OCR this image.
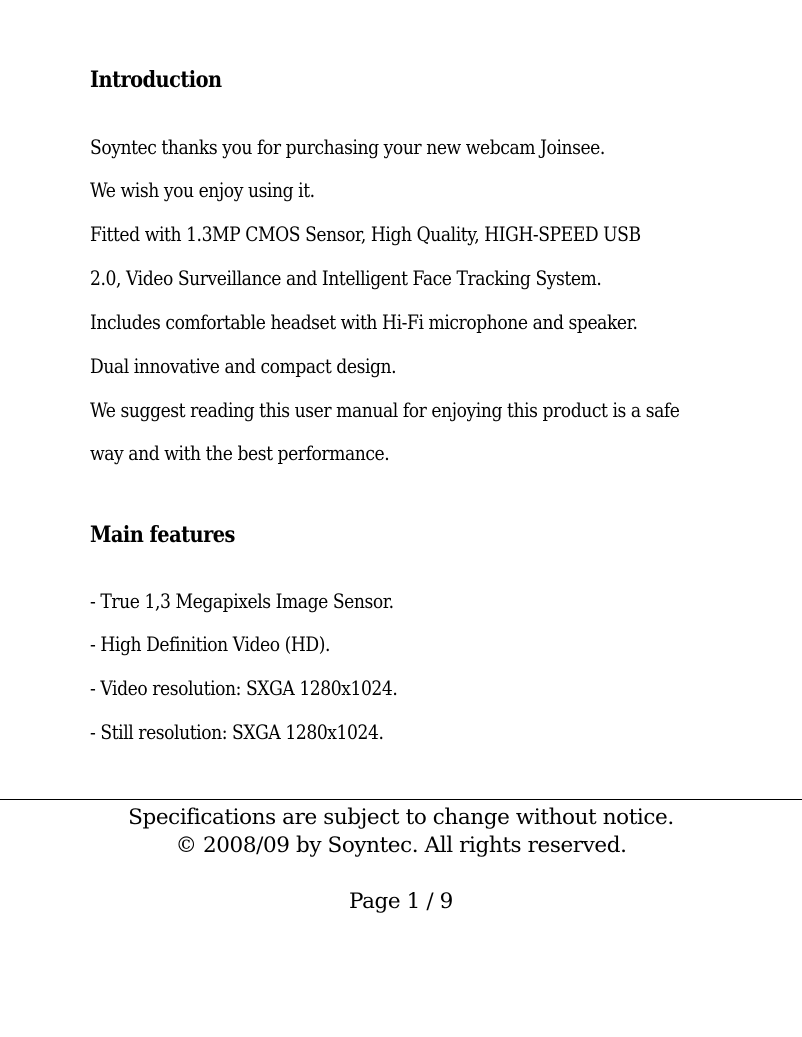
Introduction

Soyntec thanks you for purchasing your new webcam Joinsee.

We wish you enjoy using it.

Fitted with 1.3MP CMOS Sensor, High Quality, HIGH-SPEED USB

2.0, Video Surveillance and Intelligent Face Tracking System.

Includes comfortable headset with Hi-Fi microphone and speaker.

Dual innovative and compact design.

We suggest reading this user manual for enjoying this product is a safe

way and with the best performance.

Main features

- True 1,3 Megapixels Image Sensor.

- High Definition Video (HD).

- Video resolution: SXGA 1280x1024.

- Still resolution: SXGA 1280x1024.

Specifications are subject to change without notice.

© 2008/09 by Soyntec. All rights reserved.

Page 1 / 9
